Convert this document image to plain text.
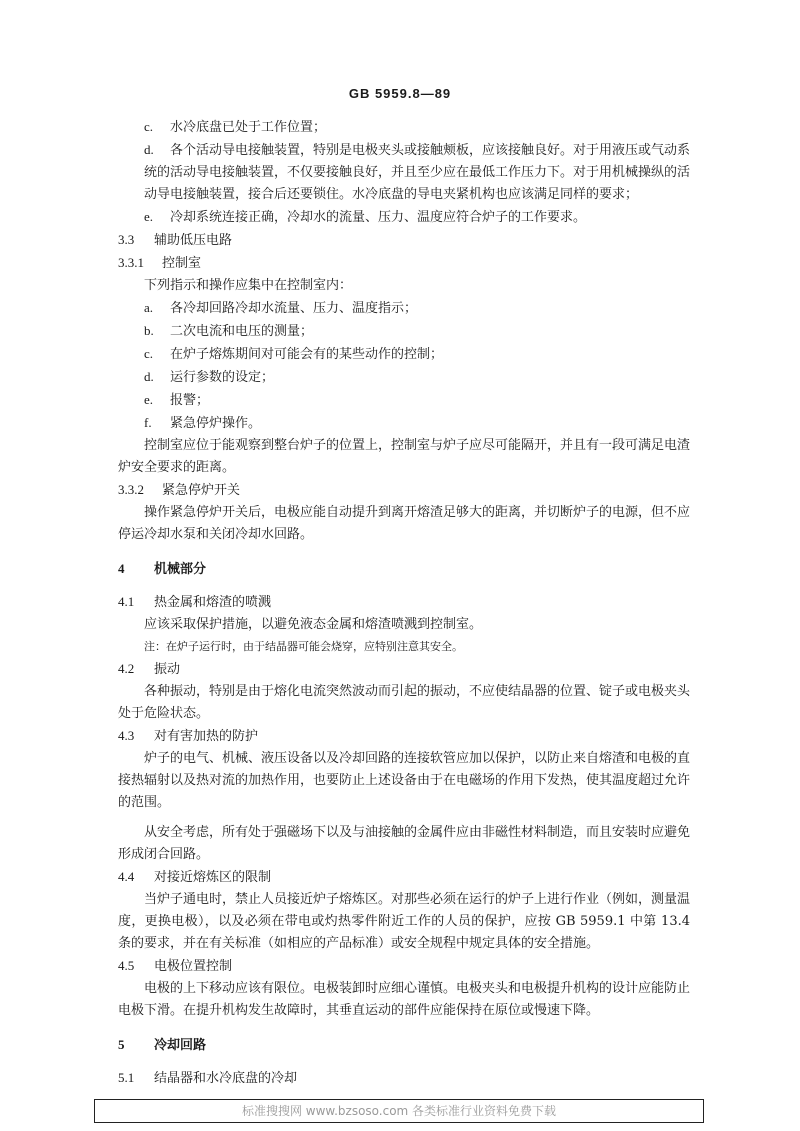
GB 5959.8—89

c. 水冷底盘已处于工作位置；

d. 各个活动导电接触装置，特别是电极夹头或接触颊板，应该接触良好。对于用液压或气动系统的活动导电接触装置，不仅要接触良好，并且至少应在最低工作压力下。对于用机械操纵的活动导电接触装置，接合后还要锁住。水冷底盘的导电夹紧机构也应该满足同样的要求；

e. 冷却系统连接正确，冷却水的流量、压力、温度应符合炉子的工作要求。

3.3 辅助低压电路

3.3.1 控制室

下列指示和操作应集中在控制室内：

a. 各冷却回路冷却水流量、压力、温度指示；

b. 二次电流和电压的测量；

c. 在炉子熔炼期间对可能会有的某些动作的控制；

d. 运行参数的设定；

e. 报警；

f. 紧急停炉操作。

控制室应位于能观察到整台炉子的位置上，控制室与炉子应尽可能隔开，并且有一段可满足电渣炉安全要求的距离。

3.3.2 紧急停炉开关

操作紧急停炉开关后，电极应能自动提升到离开熔渣足够大的距离，并切断炉子的电源，但不应停运冷却水泵和关闭冷却水回路。

4 机械部分

4.1 热金属和熔渣的喷溅

应该采取保护措施，以避免液态金属和熔渣喷溅到控制室。

注：在炉子运行时，由于结晶器可能会烧穿，应特别注意其安全。

4.2 振动

各种振动，特别是由于熔化电流突然波动而引起的振动，不应使结晶器的位置、锭子或电极夹头处于危险状态。

4.3 对有害加热的防护

炉子的电气、机械、液压设备以及冷却回路的连接软管应加以保护，以防止来自熔渣和电极的直接热辐射以及热对流的加热作用，也要防止上述设备由于在电磁场的作用下发热，使其温度超过允许的范围。

从安全考虑，所有处于强磁场下以及与油接触的金属件应由非磁性材料制造，而且安装时应避免形成闭合回路。

4.4 对接近熔炼区的限制

当炉子通电时，禁止人员接近炉子熔炼区。对那些必须在运行的炉子上进行作业（例如，测量温度，更换电极），以及必须在带电或灼热零件附近工作的人员的保护，应按 GB 5959.1 中第 13.4 条的要求，并在有关标准（如相应的产品标准）或安全规程中规定具体的安全措施。

4.5 电极位置控制

电极的上下移动应该有限位。电极装卸时应细心谨慎。电极夹头和电极提升机构的设计应能防止电极下滑。在提升机构发生故障时，其垂直运动的部件应能保持在原位或慢速下降。

5 冷却回路

5.1 结晶器和水冷底盘的冷却

标准搜搜网 www.bzsoso.com 各类标准行业资料免费下载
